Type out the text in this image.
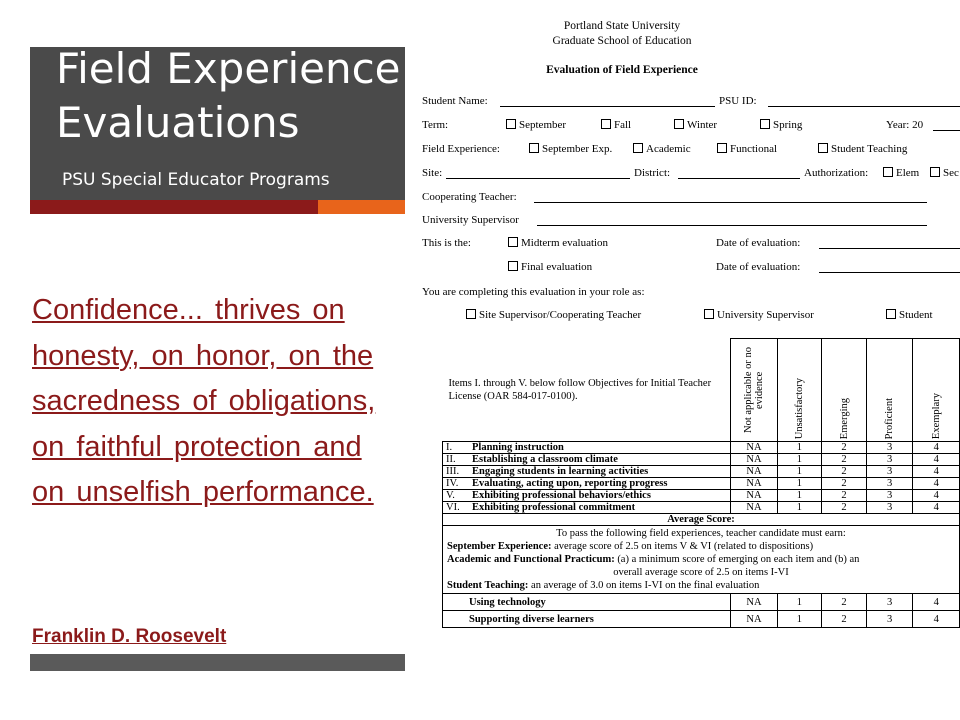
Field Experience
Evaluations
PSU Special Educator Programs

Confidence... thrives on honesty, on honor, on the sacredness of obligations, on faithful protection and on unselfish performance.

Franklin D. Roosevelt

Portland State University
Graduate School of Education
Evaluation of Field Experience
Student Name:	PSU ID:
Term:	September	Fall	Winter	Spring	Year: 20
Field Experience:	September Exp.	Academic	Functional	Student Teaching
Site:	District:	Authorization:	Elem	Sec
Cooperating Teacher:
University Supervisor
This is the:	Midterm evaluation	Date of evaluation:
Final evaluation	Date of evaluation:
You are completing this evaluation in your role as:
Site Supervisor/Cooperating Teacher	University Supervisor	Student
Items I. through V. below follow Objectives for Initial Teacher License (OAR 584-017-0100).	Not applicable or no evidence	Unsatisfactory	Emerging	Proficient	Exemplary

I. Planning instruction	NA	1	2	3	4
II. Establishing a classroom climate	NA	1	2	3	4
III. Engaging students in learning activities	NA	1	2	3	4
IV. Evaluating, acting upon, reporting progress	NA	1	2	3	4
V. Exhibiting professional behaviors/ethics	NA	1	2	3	4
VI. Exhibiting professional commitment	NA	1	2	3	4
Average Score:					

To pass the following field experiences, teacher candidate must earn:
September Experience: average score of 2.5 on items V & VI (related to dispositions)
Academic and Functional Practicum: (a) a minimum score of emerging on each item and (b) an
overall average score of 2.5 on items I-VI
Student Teaching: an average of 3.0 on items I-VI on the final evaluation					

Using technology	NA	1	2	3	4
Supporting diverse learners	NA	1	2	3	4
